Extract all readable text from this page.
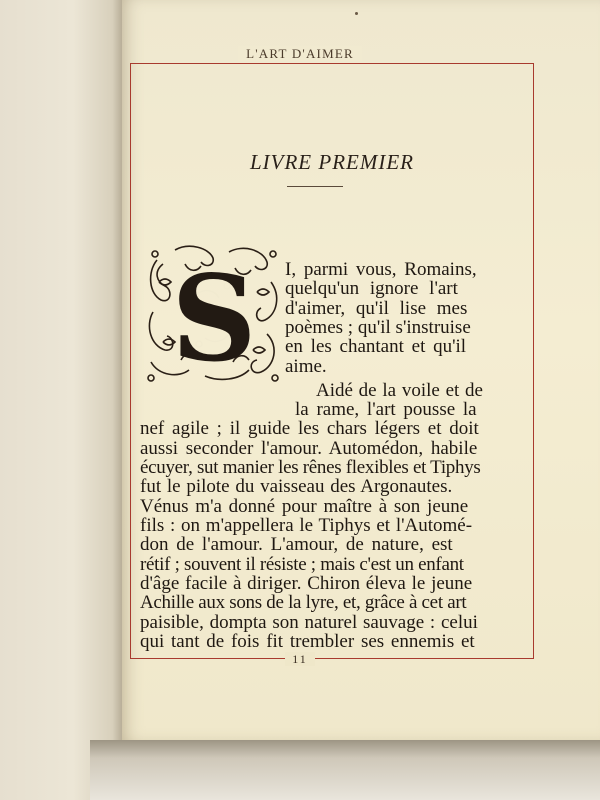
L'ART D'AIMER
LIVRE PREMIER
S I, parmi vous, Romains,
quelqu'un ignore l'art
d'aimer, qu'il lise mes
poèmes ; qu'il s'instruise
en les chantant et qu'il
aime.
Aidé de la voile et de
la rame, l'art pousse la
nef agile ; il guide les chars légers et doit
aussi seconder l'amour. Automédon, habile
écuyer, sut manier les rênes flexibles et Tiphys
fut le pilote du vaisseau des Argonautes.
Vénus m'a donné pour maître à son jeune
fils : on m'appellera le Tiphys et l'Automé-
don de l'amour. L'amour, de nature, est
rétif ; souvent il résiste ; mais c'est un enfant
d'âge facile à diriger. Chiron éleva le jeune
Achille aux sons de la lyre, et, grâce à cet art
paisible, dompta son naturel sauvage : celui
qui tant de fois fit trembler ses ennemis et
11
